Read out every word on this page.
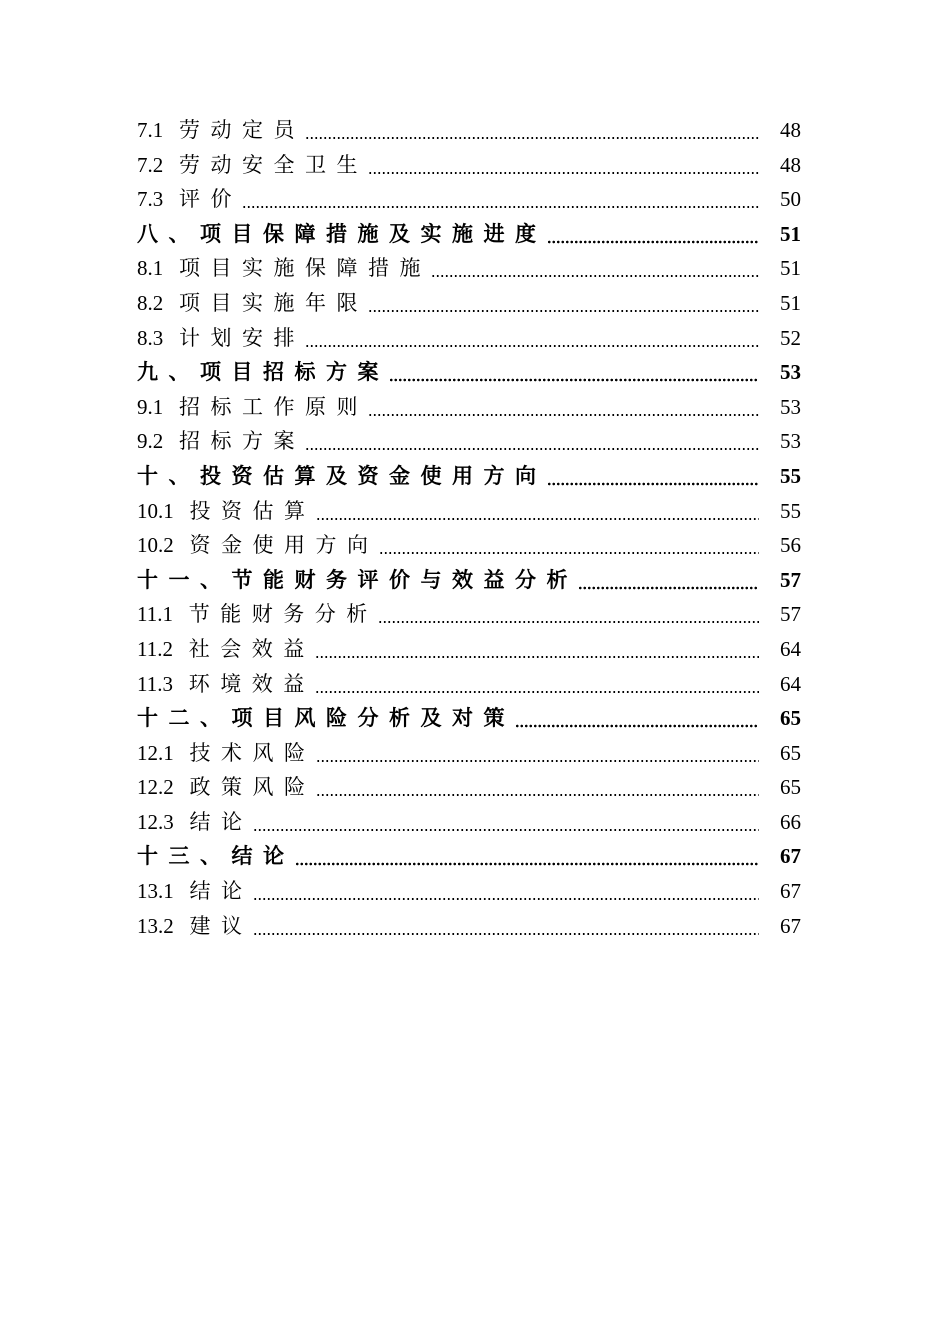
7.1 劳动定员	48
7.2 劳动安全卫生	48
7.3 评价	50
八、项目保障措施及实施进度	51
8.1 项目实施保障措施	51
8.2 项目实施年限	51
8.3 计划安排	52
九、项目招标方案	53
9.1 招标工作原则	53
9.2 招标方案	53
十、投资估算及资金使用方向	55
10.1 投资估算	55
10.2 资金使用方向	56
十一、节能财务评价与效益分析	57
11.1 节能财务分析	57
11.2 社会效益	64
11.3 环境效益	64
十二、项目风险分析及对策	65
12.1 技术风险	65
12.2 政策风险	65
12.3 结论	66
十三、结论	67
13.1 结论	67
13.2 建议	67
